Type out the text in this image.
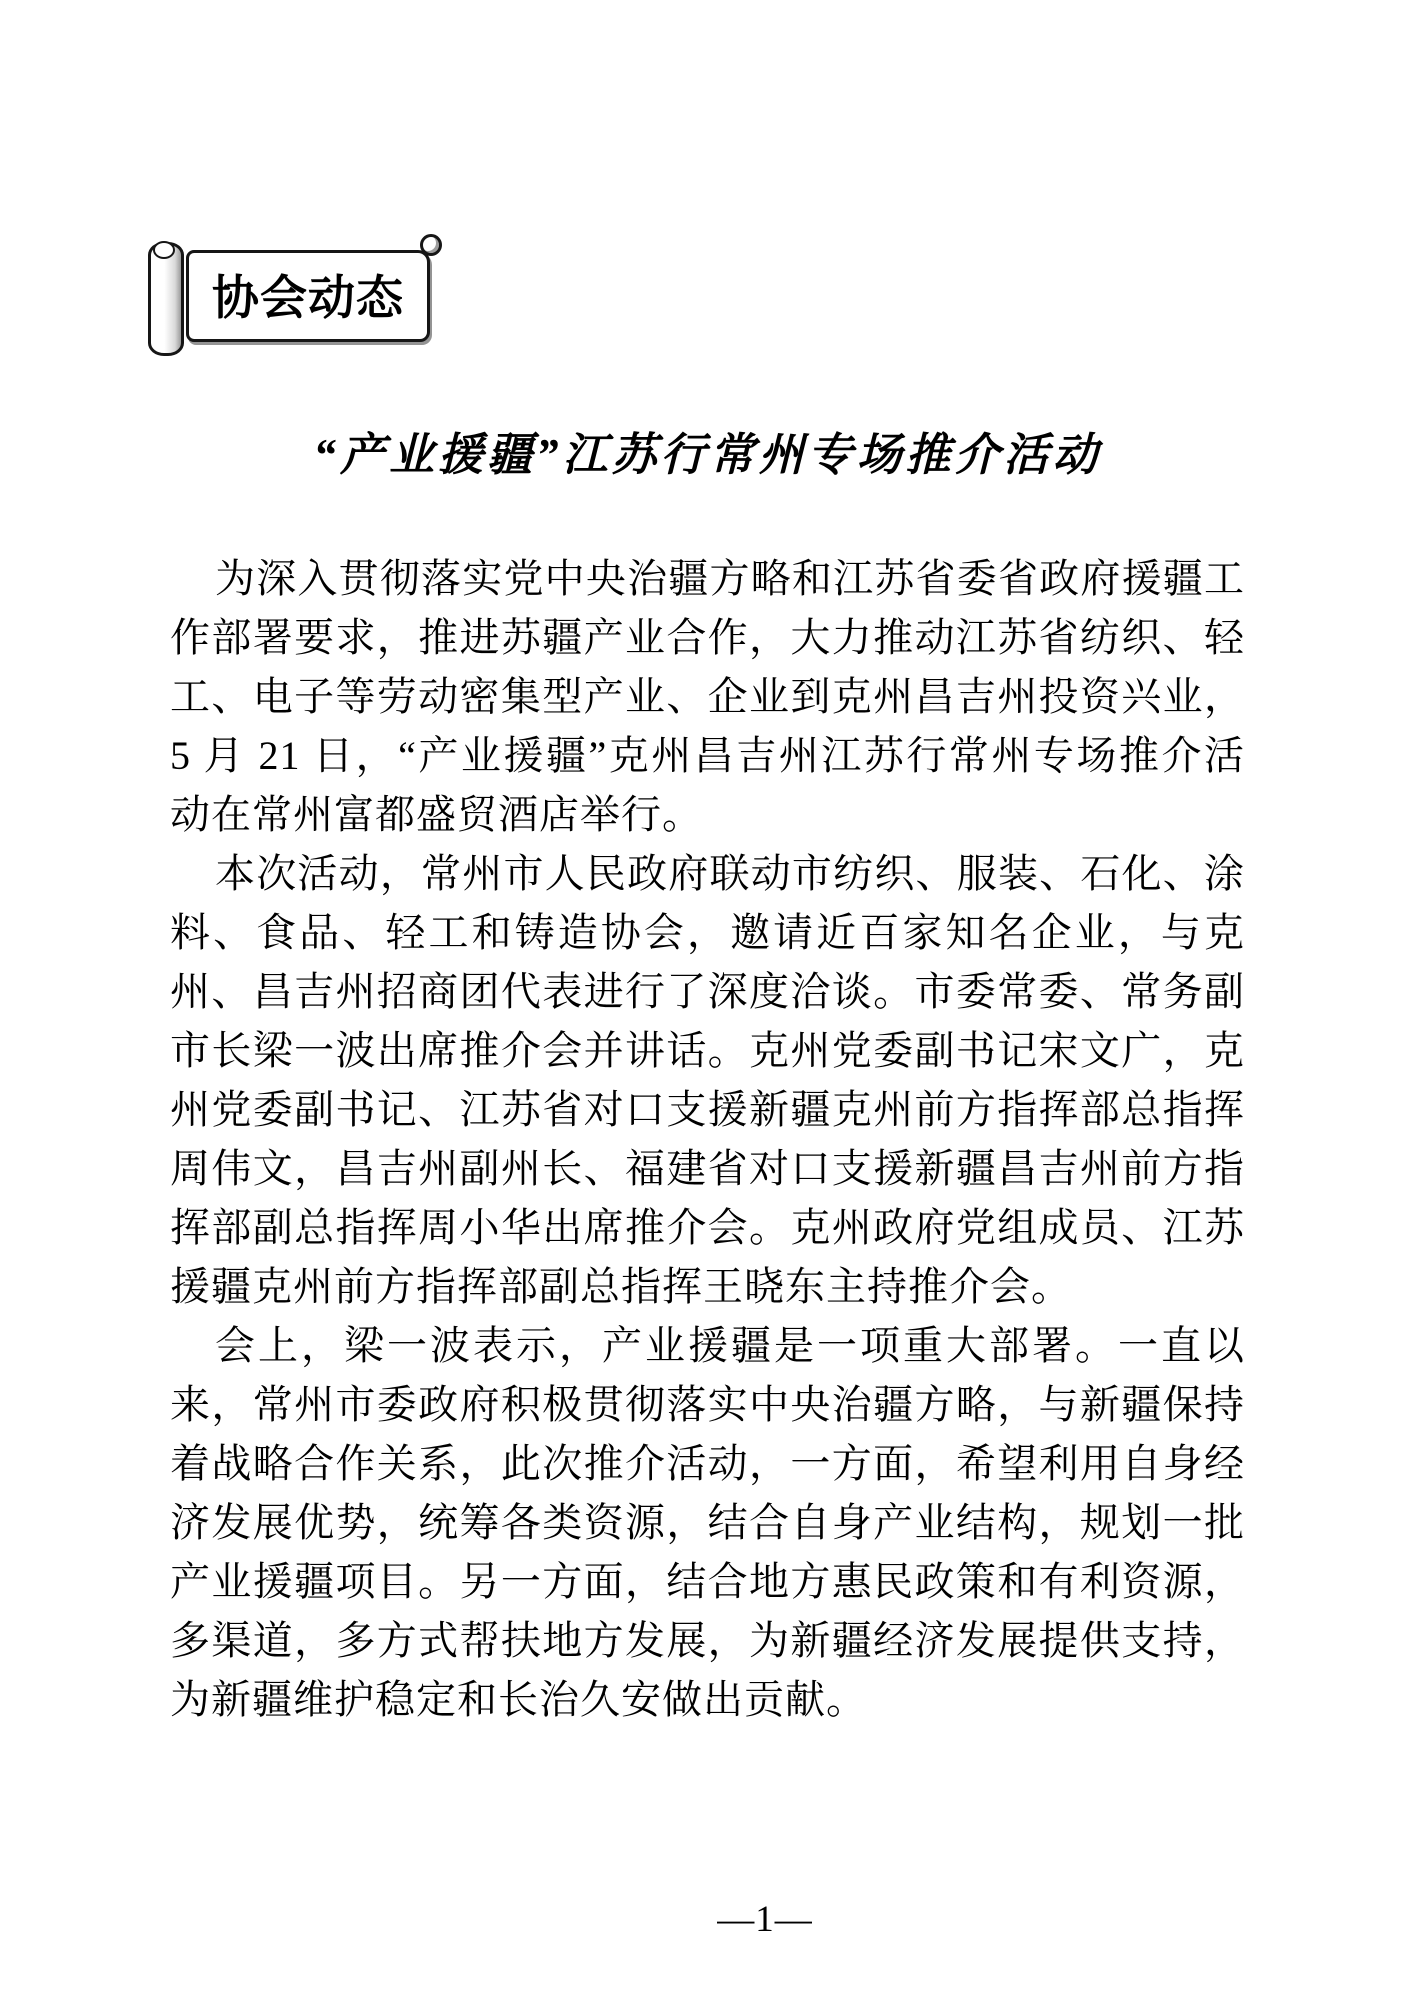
协会动态
“产业援疆”江苏行常州专场推介活动

为深入贯彻落实党中央治疆方略和江苏省委省政府援疆工作部署要求，推进苏疆产业合作，大力推动江苏省纺织、轻工、电子等劳动密集型产业、企业到克州昌吉州投资兴业，5 月 21 日，“产业援疆”克州昌吉州江苏行常州专场推介活动在常州富都盛贸酒店举行。

本次活动，常州市人民政府联动市纺织、服装、石化、涂料、食品、轻工和铸造协会，邀请近百家知名企业，与克州、昌吉州招商团代表进行了深度洽谈。市委常委、常务副市长梁一波出席推介会并讲话。克州党委副书记宋文广，克州党委副书记、江苏省对口支援新疆克州前方指挥部总指挥周伟文，昌吉州副州长、福建省对口支援新疆昌吉州前方指挥部副总指挥周小华出席推介会。克州政府党组成员、江苏援疆克州前方指挥部副总指挥王晓东主持推介会。

会上，梁一波表示，产业援疆是一项重大部署。一直以来，常州市委政府积极贯彻落实中央治疆方略，与新疆保持着战略合作关系，此次推介活动，一方面，希望利用自身经济发展优势，统筹各类资源，结合自身产业结构，规划一批产业援疆项目。另一方面，结合地方惠民政策和有利资源，多渠道，多方式帮扶地方发展，为新疆经济发展提供支持，为新疆维护稳定和长治久安做出贡献。

—1—
